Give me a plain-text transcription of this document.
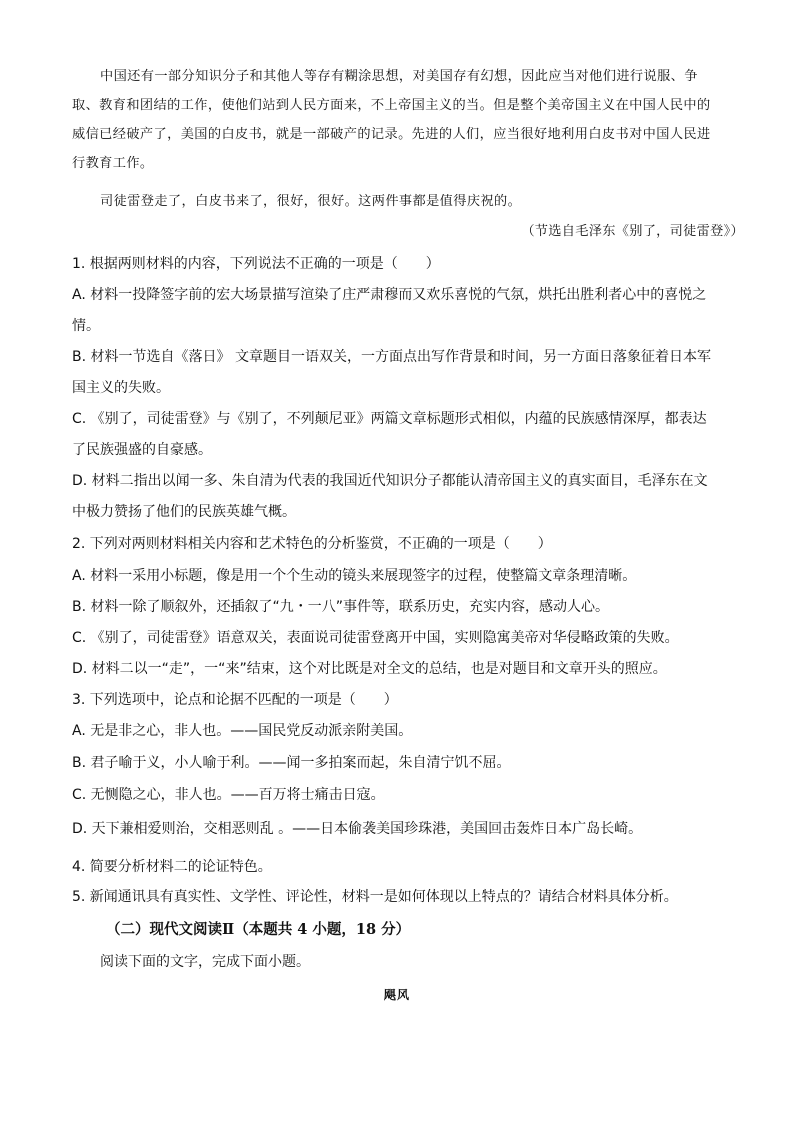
中国还有一部分知识分子和其他人等存有糊涂思想，对美国存有幻想，因此应当对他们进行说服、争取、教育和团结的工作，使他们站到人民方面来，不上帝国主义的当。但是整个美帝国主义在中国人民中的威信已经破产了，美国的白皮书，就是一部破产的记录。先进的人们，应当很好地利用白皮书对中国人民进行教育工作。

司徒雷登走了，白皮书来了，很好，很好。这两件事都是值得庆祝的。

（节选自毛泽东《别了，司徒雷登》）

1. 根据两则材料的内容，下列说法不正确的一项是（　　）

A. 材料一投降签字前的宏大场景描写渲染了庄严肃穆而又欢乐喜悦的气氛，烘托出胜利者心中的喜悦之情。

B. 材料一节选自《落日》 文章题目一语双关，一方面点出写作背景和时间，另一方面日落象征着日本军国主义的失败。

C. 《别了，司徒雷登》与《别了，不列颠尼亚》两篇文章标题形式相似，内蕴的民族感情深厚，都表达了民族强盛的自豪感。

D. 材料二指出以闻一多、朱自清为代表的我国近代知识分子都能认清帝国主义的真实面目，毛泽东在文中极力赞扬了他们的民族英雄气概。

2. 下列对两则材料相关内容和艺术特色的分析鉴赏，不正确的一项是（　　）

A. 材料一采用小标题，像是用一个个生动的镜头来展现签字的过程，使整篇文章条理清晰。

B. 材料一除了顺叙外，还插叙了“九・一八”事件等，联系历史，充实内容，感动人心。

C. 《别了，司徒雷登》语意双关，表面说司徒雷登离开中国，实则隐寓美帝对华侵略政策的失败。

D. 材料二以一“走”，一“来”结束，这个对比既是对全文的总结，也是对题目和文章开头的照应。

3. 下列选项中，论点和论据不匹配的一项是（　　）

A. 无是非之心，非人也。——国民党反动派亲附美国。

B. 君子喻于义，小人喻于利。——闻一多拍案而起，朱自清宁饥不屈。

C. 无恻隐之心，非人也。——百万将士痛击日寇。

D. 天下兼相爱则治，交相恶则乱 。——日本偷袭美国珍珠港，美国回击轰炸日本广岛长崎。

4. 简要分析材料二的论证特色。

5. 新闻通讯具有真实性、文学性、评论性，材料一是如何体现以上特点的？请结合材料具体分析。

（二）现代文阅读Ⅱ（本题共 4 小题，18 分）
阅读下面的文字，完成下面小题。
飓风
